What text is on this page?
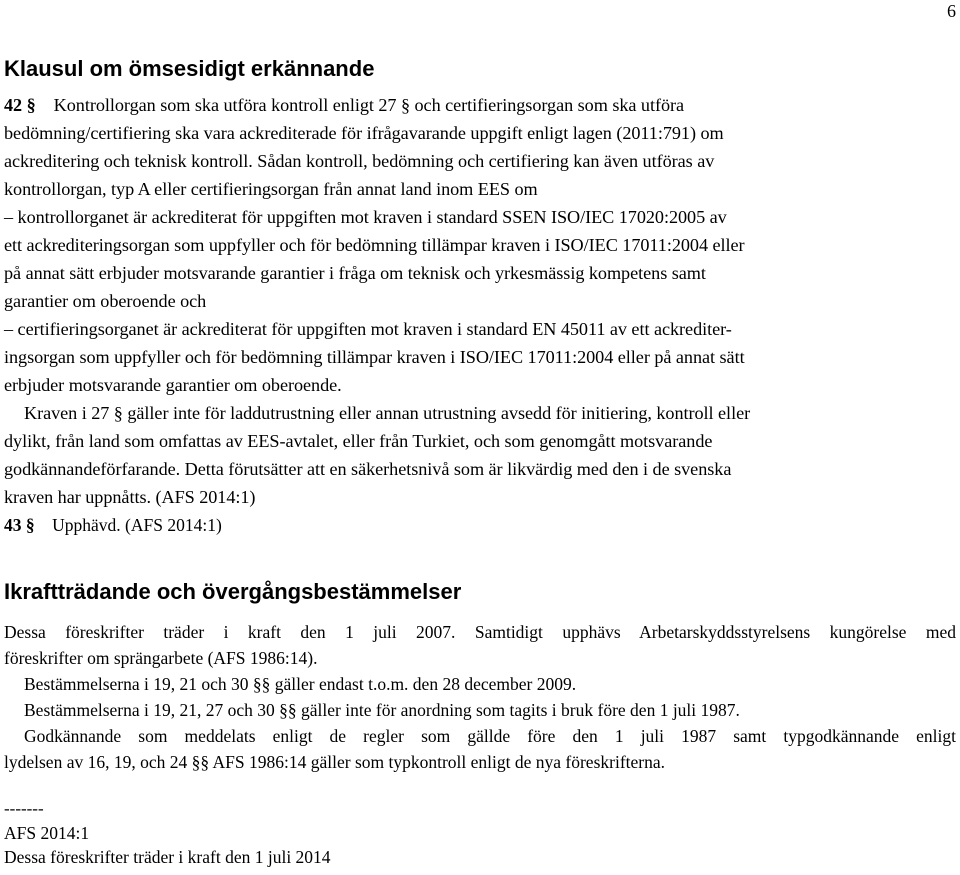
6
Klausul om ömsesidigt erkännande
42 § Kontrollorgan som ska utföra kontroll enligt 27 § och certifieringsorgan som ska utföra
bedömning/certifiering ska vara ackrediterade för ifrågavarande uppgift enligt lagen (2011:791) om
ackreditering och teknisk kontroll. Sådan kontroll, bedömning och certifiering kan även utföras av
kontrollorgan, typ A eller certifieringsorgan från annat land inom EES om
– kontrollorganet är ackrediterat för uppgiften mot kraven i standard SSEN ISO/IEC 17020:2005 av
ett ackrediteringsorgan som uppfyller och för bedömning tillämpar kraven i ISO/IEC 17011:2004 eller
på annat sätt erbjuder motsvarande garantier i fråga om teknisk och yrkesmässig kompetens samt
garantier om oberoende och
– certifieringsorganet är ackrediterat för uppgiften mot kraven i standard EN 45011 av ett ackrediter-
ingsorgan som uppfyller och för bedömning tillämpar kraven i ISO/IEC 17011:2004 eller på annat sätt
erbjuder motsvarande garantier om oberoende.
Kraven i 27 § gäller inte för laddutrustning eller annan utrustning avsedd för initiering, kontroll eller
dylikt, från land som omfattas av EES-avtalet, eller från Turkiet, och som genomgått motsvarande
godkännandeförfarande. Detta förutsätter att en säkerhetsnivå som är likvärdig med den i de svenska
kraven har uppnåtts. (AFS 2014:1)
43 § Upphävd. (AFS 2014:1)
Ikraftträdande och övergångsbestämmelser
Dessa föreskrifter träder i kraft den 1 juli 2007. Samtidigt upphävs Arbetarskyddsstyrelsens kungörelse med
föreskrifter om sprängarbete (AFS 1986:14).
Bestämmelserna i 19, 21 och 30 §§ gäller endast t.o.m. den 28 december 2009.
Bestämmelserna i 19, 21, 27 och 30 §§ gäller inte för anordning som tagits i bruk före den 1 juli 1987.
Godkännande som meddelats enligt de regler som gällde före den 1 juli 1987 samt typgodkännande enligt
lydelsen av 16, 19, och 24 §§ AFS 1986:14 gäller som typkontroll enligt de nya föreskrifterna.
-------
AFS 2014:1
Dessa föreskrifter träder i kraft den 1 juli 2014
